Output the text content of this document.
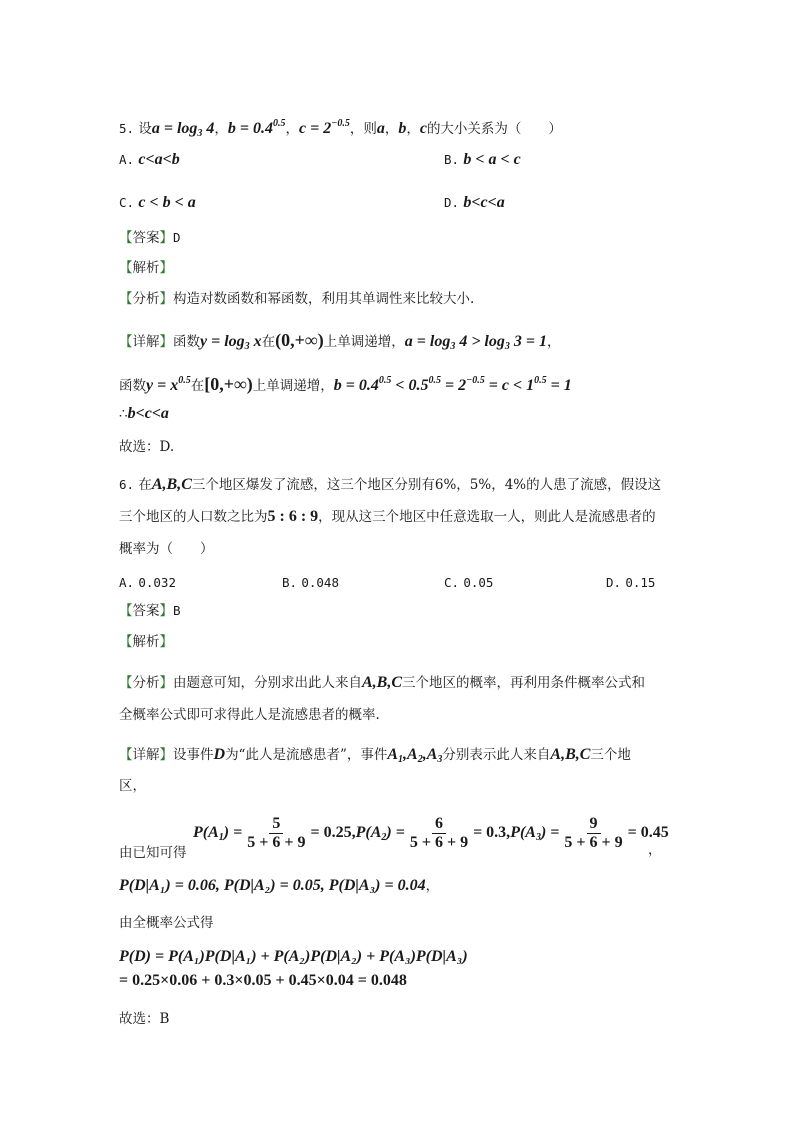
5. 设$a = \log_3 4$，$b = 0.4^{0.5}$，$c = 2^{-0.5}$，则a，b，c的大小关系为（　　）
A. c<a<b	B. b < a < c
C. c < b < a	D. b<c<a
【答案】D
【解析】
【分析】构造对数函数和幂函数，利用其单调性来比较大小.
【详解】函数$y = \log_3 x$在(0,+∞)上单调递增，$a = \log_3 4 > \log_3 3 = 1$，
函数$y = x^{0.5}$在[0,+∞)上单调递增，$b = 0.4^{0.5} < 0.5^{0.5} = 2^{-0.5} = c < 1^{0.5} = 1$
∴b<c<a
故选：D.
6. 在A,B,C三个地区爆发了流感，这三个地区分别有6%，5%，4%的人患了流感，假设这
三个地区的人口数之比为5 : 6 : 9，现从这三个地区中任意选取一人，则此人是流感患者的
概率为（　　）
A. 0.032	B. 0.048	C. 0.05	D. 0.15
【答案】B
【解析】
【分析】由题意可知，分别求出此人来自A,B,C三个地区的概率，再利用条件概率公式和
全概率公式即可求得此人是流感患者的概率.
【详解】设事件D为“此人是流感患者”，事件$A_1,A_2,A_3$分别表示此人来自A,B,C三个地
区，
由已知可得
$P(A_1) = \frac{5}{5 + 6 + 9} = 0.25,P(A_2) = \frac{6}{5 + 6 + 9} = 0.3,P(A_3) = \frac{9}{5 + 6 + 9} = 0.45$
，
P(D|A₁) = 0.06, P(D|A₂) = 0.05, P(D|A₃) = 0.04，
由全概率公式得
P(D) = P(A₁)P(D|A₁) + P(A₂)P(D|A₂) + P(A₃)P(D|A₃)
= 0.25×0.06 + 0.3×0.05 + 0.45×0.04 = 0.048
故选：B
